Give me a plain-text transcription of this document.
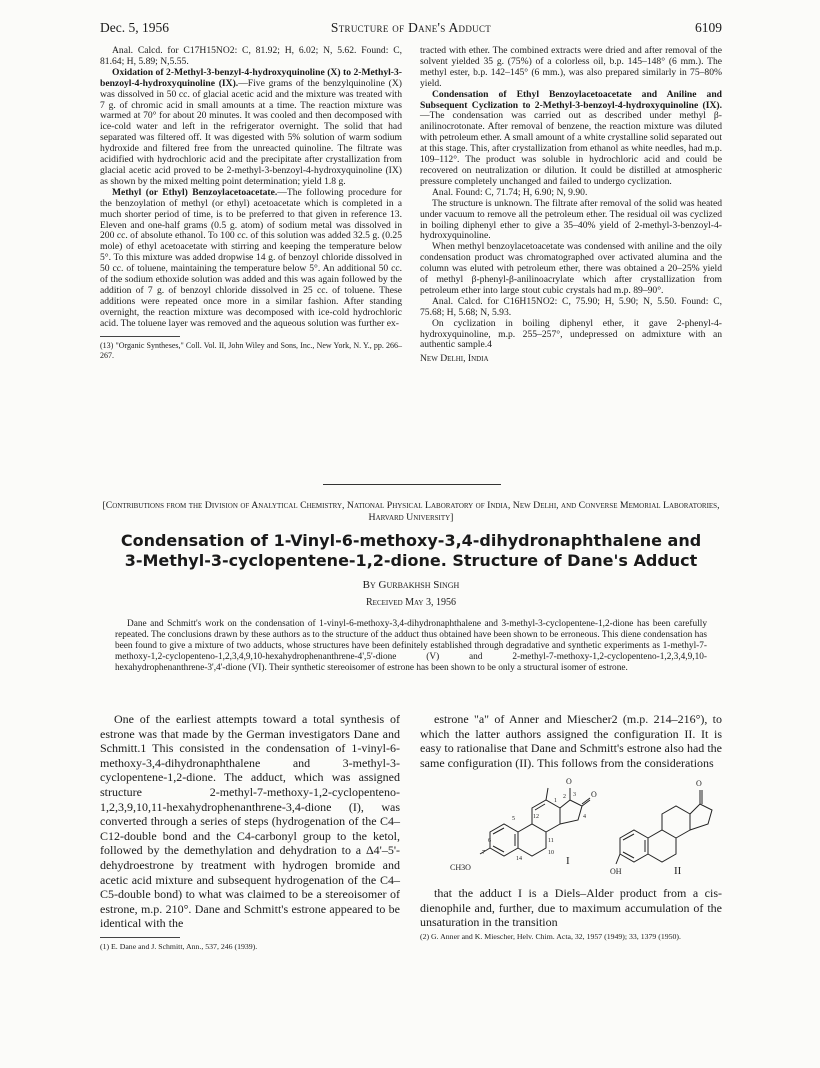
Dec. 5, 1956	Structure of Dane's Adduct	6109

Anal. Calcd. for C17H15NO2: C, 81.92; H, 6.02; N, 5.62. Found: C, 81.64; H, 5.89; N,5.55.

Oxidation of 2-Methyl-3-benzyl-4-hydroxyquinoline (X) to 2-Methyl-3-benzoyl-4-hydroxyquinoline (IX).—Five grams of the benzylquinoline (X) was dissolved in 50 cc. of glacial acetic acid and the mixture was treated with 7 g. of chromic acid in small amounts at a time. The reaction mixture was warmed at 70° for about 20 minutes. It was cooled and then decomposed with ice-cold water and left in the refrigerator overnight. The solid that had separated was filtered off. It was digested with 5% solution of warm sodium hydroxide and filtered free from the unreacted quinoline. The filtrate was acidified with hydrochloric acid and the precipitate after crystallization from glacial acetic acid proved to be 2-methyl-3-benzoyl-4-hydroxyquinoline (IX) as shown by the mixed melting point determination; yield 1.8 g.

Methyl (or Ethyl) Benzoylacetoacetate.—The following procedure for the benzoylation of methyl (or ethyl) acetoacetate which is completed in a much shorter period of time, is to be preferred to that given in reference 13. Eleven and one-half grams (0.5 g. atom) of sodium metal was dissolved in 200 cc. of absolute ethanol. To 100 cc. of this solution was added 32.5 g. (0.25 mole) of ethyl acetoacetate with stirring and keeping the temperature below 5°. To this mixture was added dropwise 14 g. of benzoyl chloride dissolved in 50 cc. of toluene, maintaining the temperature below 5°. An additional 50 cc. of the sodium ethoxide solution was added and this was again followed by the addition of 7 g. of benzoyl chloride dissolved in 25 cc. of toluene. These additions were repeated once more in a similar fashion. After standing overnight, the reaction mixture was decomposed with ice-cold hydrochloric acid. The toluene layer was removed and the aqueous solution was further ex-

(13) "Organic Syntheses," Coll. Vol. II, John Wiley and Sons, Inc., New York, N. Y., pp. 266–267.

tracted with ether. The combined extracts were dried and after removal of the solvent yielded 35 g. (75%) of a colorless oil, b.p. 145–148° (6 mm.). The methyl ester, b.p. 142–145° (6 mm.), was also prepared similarly in 75–80% yield.

Condensation of Ethyl Benzoylacetoacetate and Aniline and Subsequent Cyclization to 2-Methyl-3-benzoyl-4-hydroxyquinoline (IX).—The condensation was carried out as described under methyl β-anilinocrotonate. After removal of benzene, the reaction mixture was diluted with petroleum ether. A small amount of a white crystalline solid separated out at this stage. This, after crystallization from ethanol as white needles, had m.p. 109–112°. The product was soluble in hydrochloric acid and could be recovered on neutralization or dilution. It could be distilled at atmospheric pressure completely unchanged and failed to undergo cyclization.

Anal. Found: C, 71.74; H, 6.90; N, 9.90.

The structure is unknown. The filtrate after removal of the solid was heated under vacuum to remove all the petroleum ether. The residual oil was cyclized in boiling diphenyl ether to give a 35–40% yield of 2-methyl-3-benzoyl-4-hydroxyquinoline.

When methyl benzoylacetoacetate was condensed with aniline and the oily condensation product was chromatographed over activated alumina and the column was eluted with petroleum ether, there was obtained a 20–25% yield of methyl β-phenyl-β-anilinoacrylate which after crystallization from petroleum ether into large stout cubic crystals had m.p. 89–90°.

Anal. Calcd. for C16H15NO2: C, 75.90; H, 5.90; N, 5.50. Found: C, 75.68; H, 5.68; N, 5.93.

On cyclization in boiling diphenyl ether, it gave 2-phenyl-4-hydroxyquinoline, m.p. 255–257°, undepressed on admixture with an authentic sample.4

New Delhi, India
[Contributions from the Division of Analytical Chemistry, National Physical Laboratory of India, New Delhi, and Converse Memorial Laboratories, Harvard University]
Condensation of 1-Vinyl-6-methoxy-3,4-dihydronaphthalene and
3-Methyl-3-cyclopentene-1,2-dione. Structure of Dane's Adduct
By Gurbakhsh Singh
Received May 3, 1956

Dane and Schmitt's work on the condensation of 1-vinyl-6-methoxy-3,4-dihydronaphthalene and 3-methyl-3-cyclopentene-1,2-dione has been carefully repeated. The conclusions drawn by these authors as to the structure of the adduct thus obtained have been shown to be erroneous. This diene condensation has been found to give a mixture of two adducts, whose structures have been definitely established through degradative and synthetic experiments as 1-methyl-7-methoxy-1,2-cyclopenteno-1,2,3,4,9,10-hexahydrophenanthrene-4',5'-dione (V) and 2-methyl-7-methoxy-1,2-cyclopenteno-1,2,3,4,9,10-hexahydrophenanthrene-3',4'-dione (VI). Their synthetic stereoisomer of estrone has been shown to be only a structural isomer of estrone.

One of the earliest attempts toward a total synthesis of estrone was that made by the German investigators Dane and Schmitt.1 This consisted in the condensation of 1-vinyl-6-methoxy-3,4-dihydronaphthalene and 3-methyl-3-cyclopentene-1,2-dione. The adduct, which was assigned structure 2-methyl-7-methoxy-1,2-cyclopenteno-1,2,3,9,10,11-hexahydrophenanthrene-3,4-dione (I), was converted through a series of steps (hydrogenation of the C4–C12-double bond and the C4-carbonyl group to the ketol, followed by the demethylation and dehydration to a Δ4'–5'-dehydroestrone by treatment with hydrogen bromide and acetic acid mixture and subsequent hydrogenation of the C4–C5-double bond) to what was claimed to be a stereoisomer of estrone, m.p. 210°. Dane and Schmitt's estrone appeared to be identical with the

(1) E. Dane and J. Schmitt, Ann., 537, 246 (1939).

estrone "a" of Anner and Miescher2 (m.p. 214–216°), to which the latter authors assigned the configuration II. It is easy to rationalise that Dane and Schmitt's estrone also had the same configuration (II). This follows from the considerations

O
O
1
2 3
4
5
6
7	10
11
12
14
CH3O
I
O
OH	II

that the adduct I is a Diels–Alder product from a cis-dienophile and, further, due to maximum accumulation of the unsaturation in the transition

(2) G. Anner and K. Miescher, Helv. Chim. Acta, 32, 1957 (1949); 33, 1379 (1950).
